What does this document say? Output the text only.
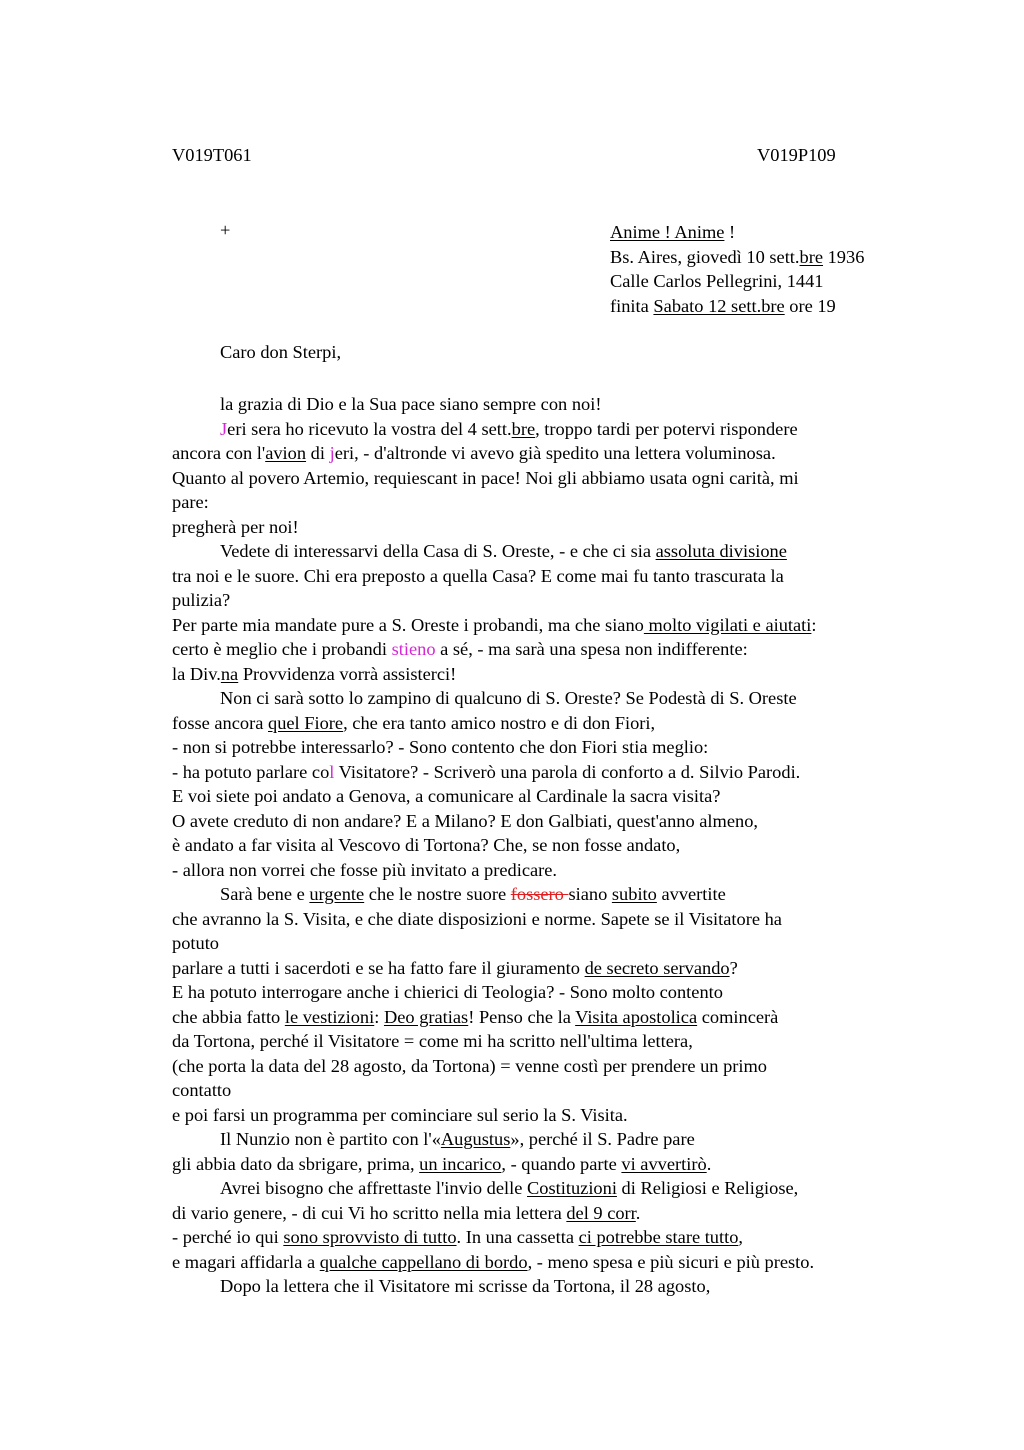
V019T061	V019P109
+	Anime ! Anime !
Bs. Aires, giovedì 10 sett.bre 1936
Calle Carlos Pellegrini, 1441
finita Sabato 12 sett.bre ore 19
Caro don Sterpi,
la grazia di Dio e la Sua pace siano sempre con noi!
Jeri sera ho ricevuto la vostra del 4 sett.bre, troppo tardi per potervi rispondere
ancora con l'avion di jeri, - d'altronde vi avevo già spedito una lettera voluminosa.
Quanto al povero Artemio, requiescant in pace! Noi gli abbiamo usata ogni carità, mi
pare:
pregherà per noi!
Vedete di interessarvi della Casa di S. Oreste, - e che ci sia assoluta divisione
tra noi e le suore. Chi era preposto a quella Casa? E come mai fu tanto trascurata la
pulizia?
Per parte mia mandate pure a S. Oreste i probandi, ma che siano molto vigilati e aiutati:
certo è meglio che i probandi stieno a sé, - ma sarà una spesa non indifferente:
la Div.na Provvidenza vorrà assisterci!
Non ci sarà sotto lo zampino di qualcuno di S. Oreste? Se Podestà di S. Oreste
fosse ancora quel Fiore, che era tanto amico nostro e di don Fiori,
- non si potrebbe interessarlo? - Sono contento che don Fiori stia meglio:
- ha potuto parlare col Visitatore? - Scriverò una parola di conforto a d. Silvio Parodi.
E voi siete poi andato a Genova, a comunicare al Cardinale la sacra visita?
O avete creduto di non andare? E a Milano? E don Galbiati, quest'anno almeno,
è andato a far visita al Vescovo di Tortona? Che, se non fosse andato,
- allora non vorrei che fosse più invitato a predicare.
Sarà bene e urgente che le nostre suore fossero siano subito avvertite
che avranno la S. Visita, e che diate disposizioni e norme. Sapete se il Visitatore ha
potuto
parlare a tutti i sacerdoti e se ha fatto fare il giuramento de secreto servando?
E ha potuto interrogare anche i chierici di Teologia? - Sono molto contento
che abbia fatto le vestizioni: Deo gratias! Penso che la Visita apostolica comincerà
da Tortona, perché il Visitatore = come mi ha scritto nell'ultima lettera,
(che porta la data del 28 agosto, da Tortona) = venne costì per prendere un primo
contatto
e poi farsi un programma per cominciare sul serio la S. Visita.
Il Nunzio non è partito con l'«Augustus», perché il S. Padre pare
gli abbia dato da sbrigare, prima, un incarico, - quando parte vi avvertirò.
Avrei bisogno che affrettaste l'invio delle Costituzioni di Religiosi e Religiose,
di vario genere, - di cui Vi ho scritto nella mia lettera del 9 corr.
- perché io qui sono sprovvisto di tutto. In una cassetta ci potrebbe stare tutto,
e magari affidarla a qualche cappellano di bordo, - meno spesa e più sicuri e più presto.
Dopo la lettera che il Visitatore mi scrisse da Tortona, il 28 agosto,
